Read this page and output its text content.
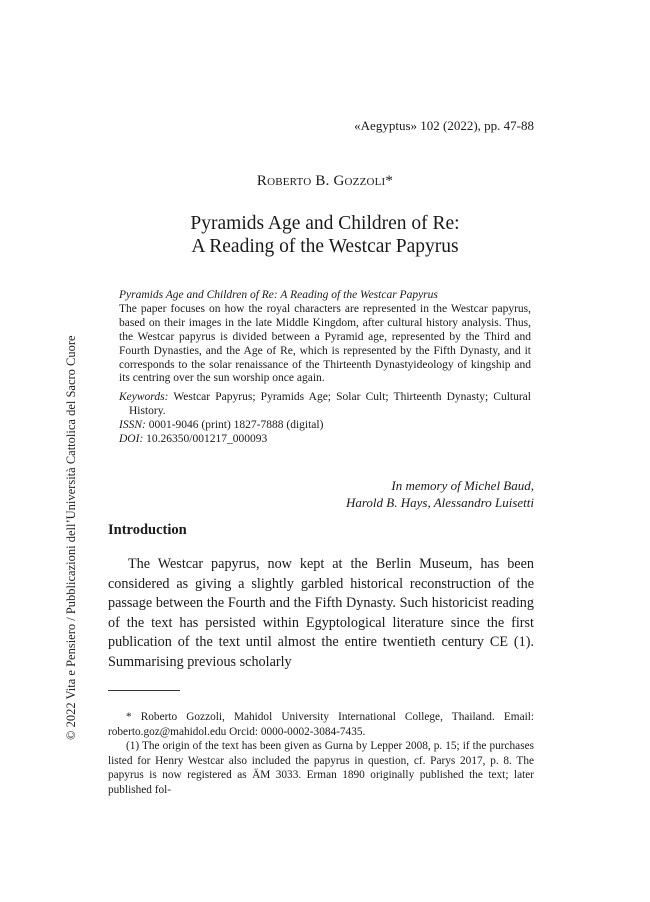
© 2022 Vita e Pensiero / Pubblicazioni dell’Università Cattolica del Sacro Cuore
«Aegyptus» 102 (2022), pp. 47-88
Roberto B. Gozzoli*
Pyramids Age and Children of Re:
A Reading of the Westcar Papyrus
Pyramids Age and Children of Re: A Reading of the Westcar Papyrus
The paper focuses on how the royal characters are represented in the Westcar papyrus, based on their images in the late Middle Kingdom, after cultural history analysis. Thus, the Westcar papyrus is divided between a Pyramid age, represented by the Third and Fourth Dynasties, and the Age of Re, which is represented by the Fifth Dynasty, and it corresponds to the solar renaissance of the Thirteenth Dynastyideology of kingship and its centring over the sun worship once again.
Keywords: Westcar Papyrus; Pyramids Age; Solar Cult; Thirteenth Dynasty; Cultural History.
ISSN: 0001-9046 (print) 1827-7888 (digital)
DOI: 10.26350/001217_000093
In memory of Michel Baud,
Harold B. Hays, Alessandro Luisetti
Introduction
The Westcar papyrus, now kept at the Berlin Museum, has been considered as giving a slightly garbled historical reconstruction of the passage between the Fourth and the Fifth Dynasty. Such historicist reading of the text has persisted within Egyptological literature since the first publication of the text until almost the entire twentieth century CE (1). Summarising previous scholarly

* Roberto Gozzoli, Mahidol University International College, Thailand. Email: roberto.goz@mahidol.edu Orcid: 0000-0002-3084-7435.

(1) The origin of the text has been given as Gurna by Lepper 2008, p. 15; if the purchases listed for Henry Westcar also included the papyrus in question, cf. Parys 2017, p. 8. The papyrus is now registered as ÄM 3033. Erman 1890 originally published the text; later published fol-
